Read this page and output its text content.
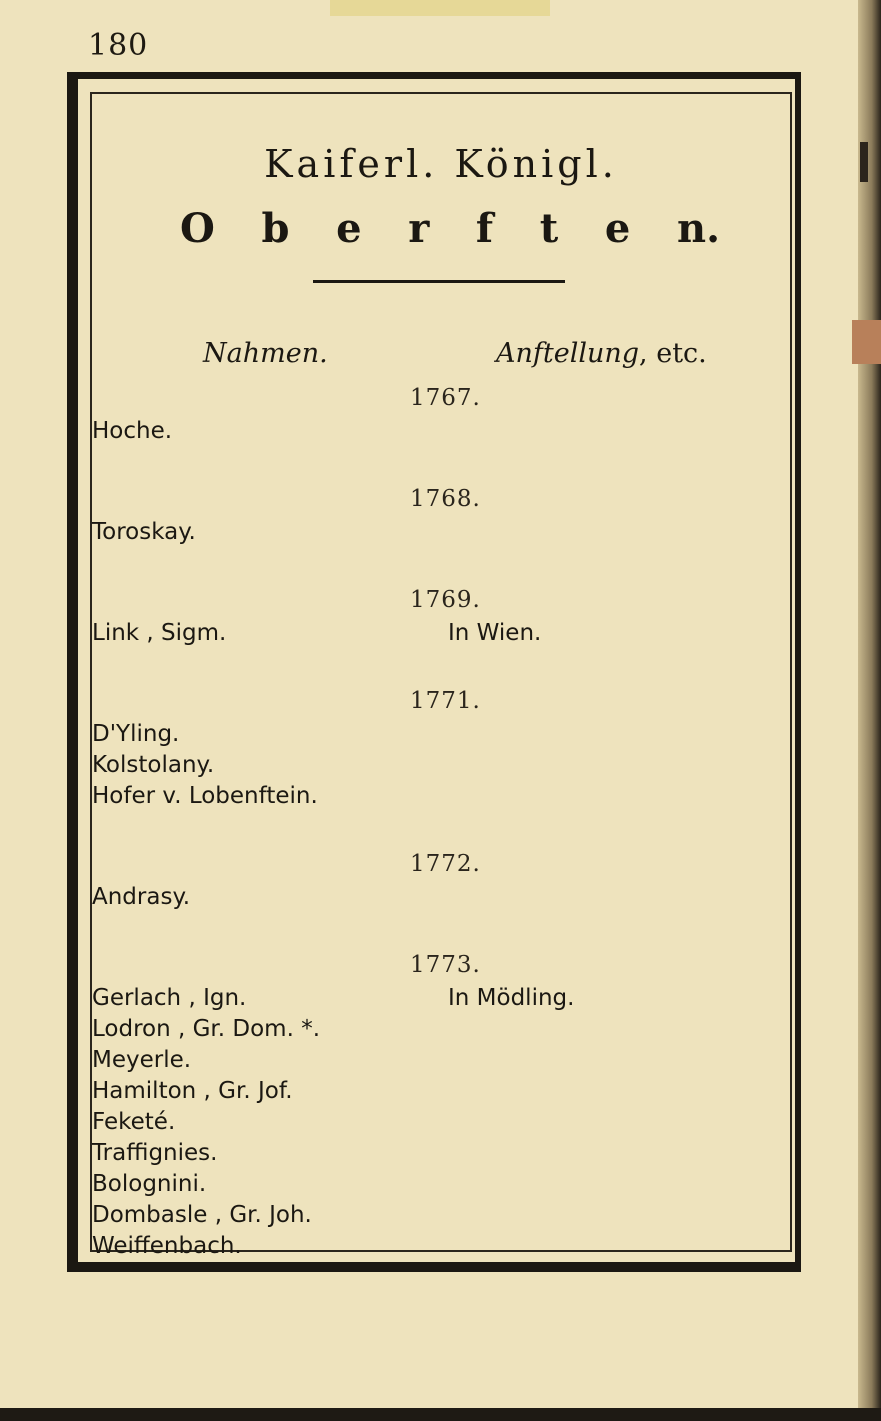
180
Kaiferl. Königl.
O b e r f t e n.
Nahmen.	Anftellung, etc.
1767.
Hoche.
1768.
Toroskay.
1769.
Link , Sigm.	In Wien.
1771.
D'Yling.
Kolstolany.
Hofer v. Lobenftein.
1772.
Andrasy.
1773.
Gerlach , Ign.	In Mödling.
Lodron , Gr. Dom. *.
Meyerle.
Hamilton , Gr. Jof.
Feketé.
Traffignies.
Bolognini.
Dombasle , Gr. Joh.
Weiffenbach.
